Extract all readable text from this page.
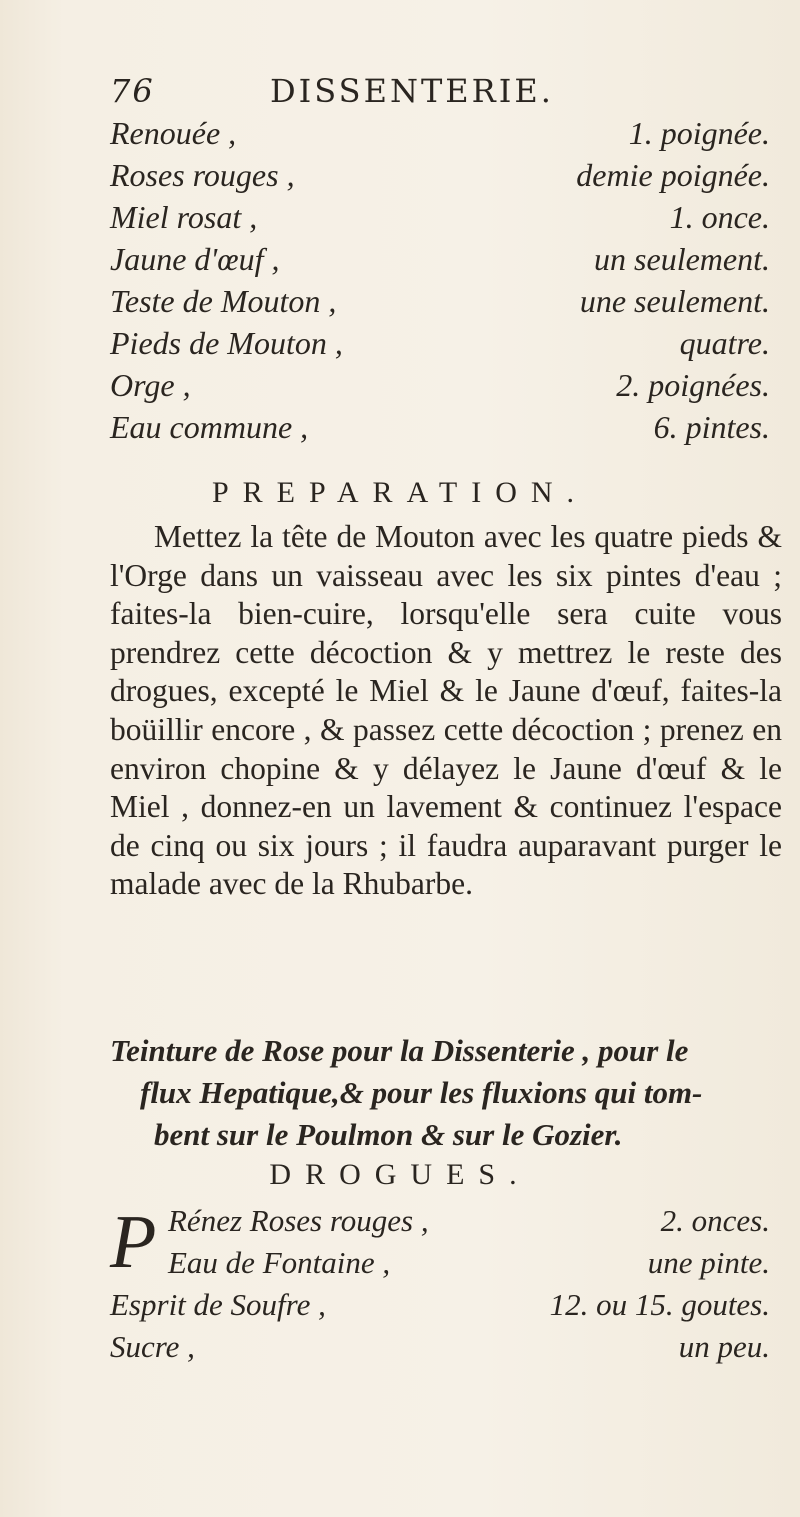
76	DISSENTERIE.
Renouée ,	1. poignée.
Roses rouges ,	demie poignée.
Miel rosat ,	1. once.
Jaune d'œuf ,	un seulement.
Teste de Mouton ,	une seulement.
Pieds de Mouton ,	quatre.
Orge ,	2. poignées.
Eau commune ,	6. pintes.
PREPARATION.

Mettez la tête de Mouton avec les quatre pieds & l'Orge dans un vaisseau avec les six pintes d'eau ; faites-la bien-cuire, lorsqu'elle sera cuite vous prendrez cette décoction & y mettrez le reste des drogues, excepté le Miel & le Jaune d'œuf, faites-la boüillir encore , & passez cette décoction ; prenez en environ chopine & y délayez le Jaune d'œuf & le Miel , donnez-en un lavement & continuez l'espace de cinq ou six jours ; il faudra auparavant purger le malade avec de la Rhubarbe.

Teinture de Rose pour la Dissenterie , pour le
flux Hepatique,& pour les fluxions qui tom-
bent sur le Poulmon & sur le Gozier.
DROGUES.
P Rénez Roses rouges ,	2. onces.
Eau de Fontaine ,	une pinte.
Esprit de Soufre ,	12. ou 15. goutes.
Sucre ,	un peu.
